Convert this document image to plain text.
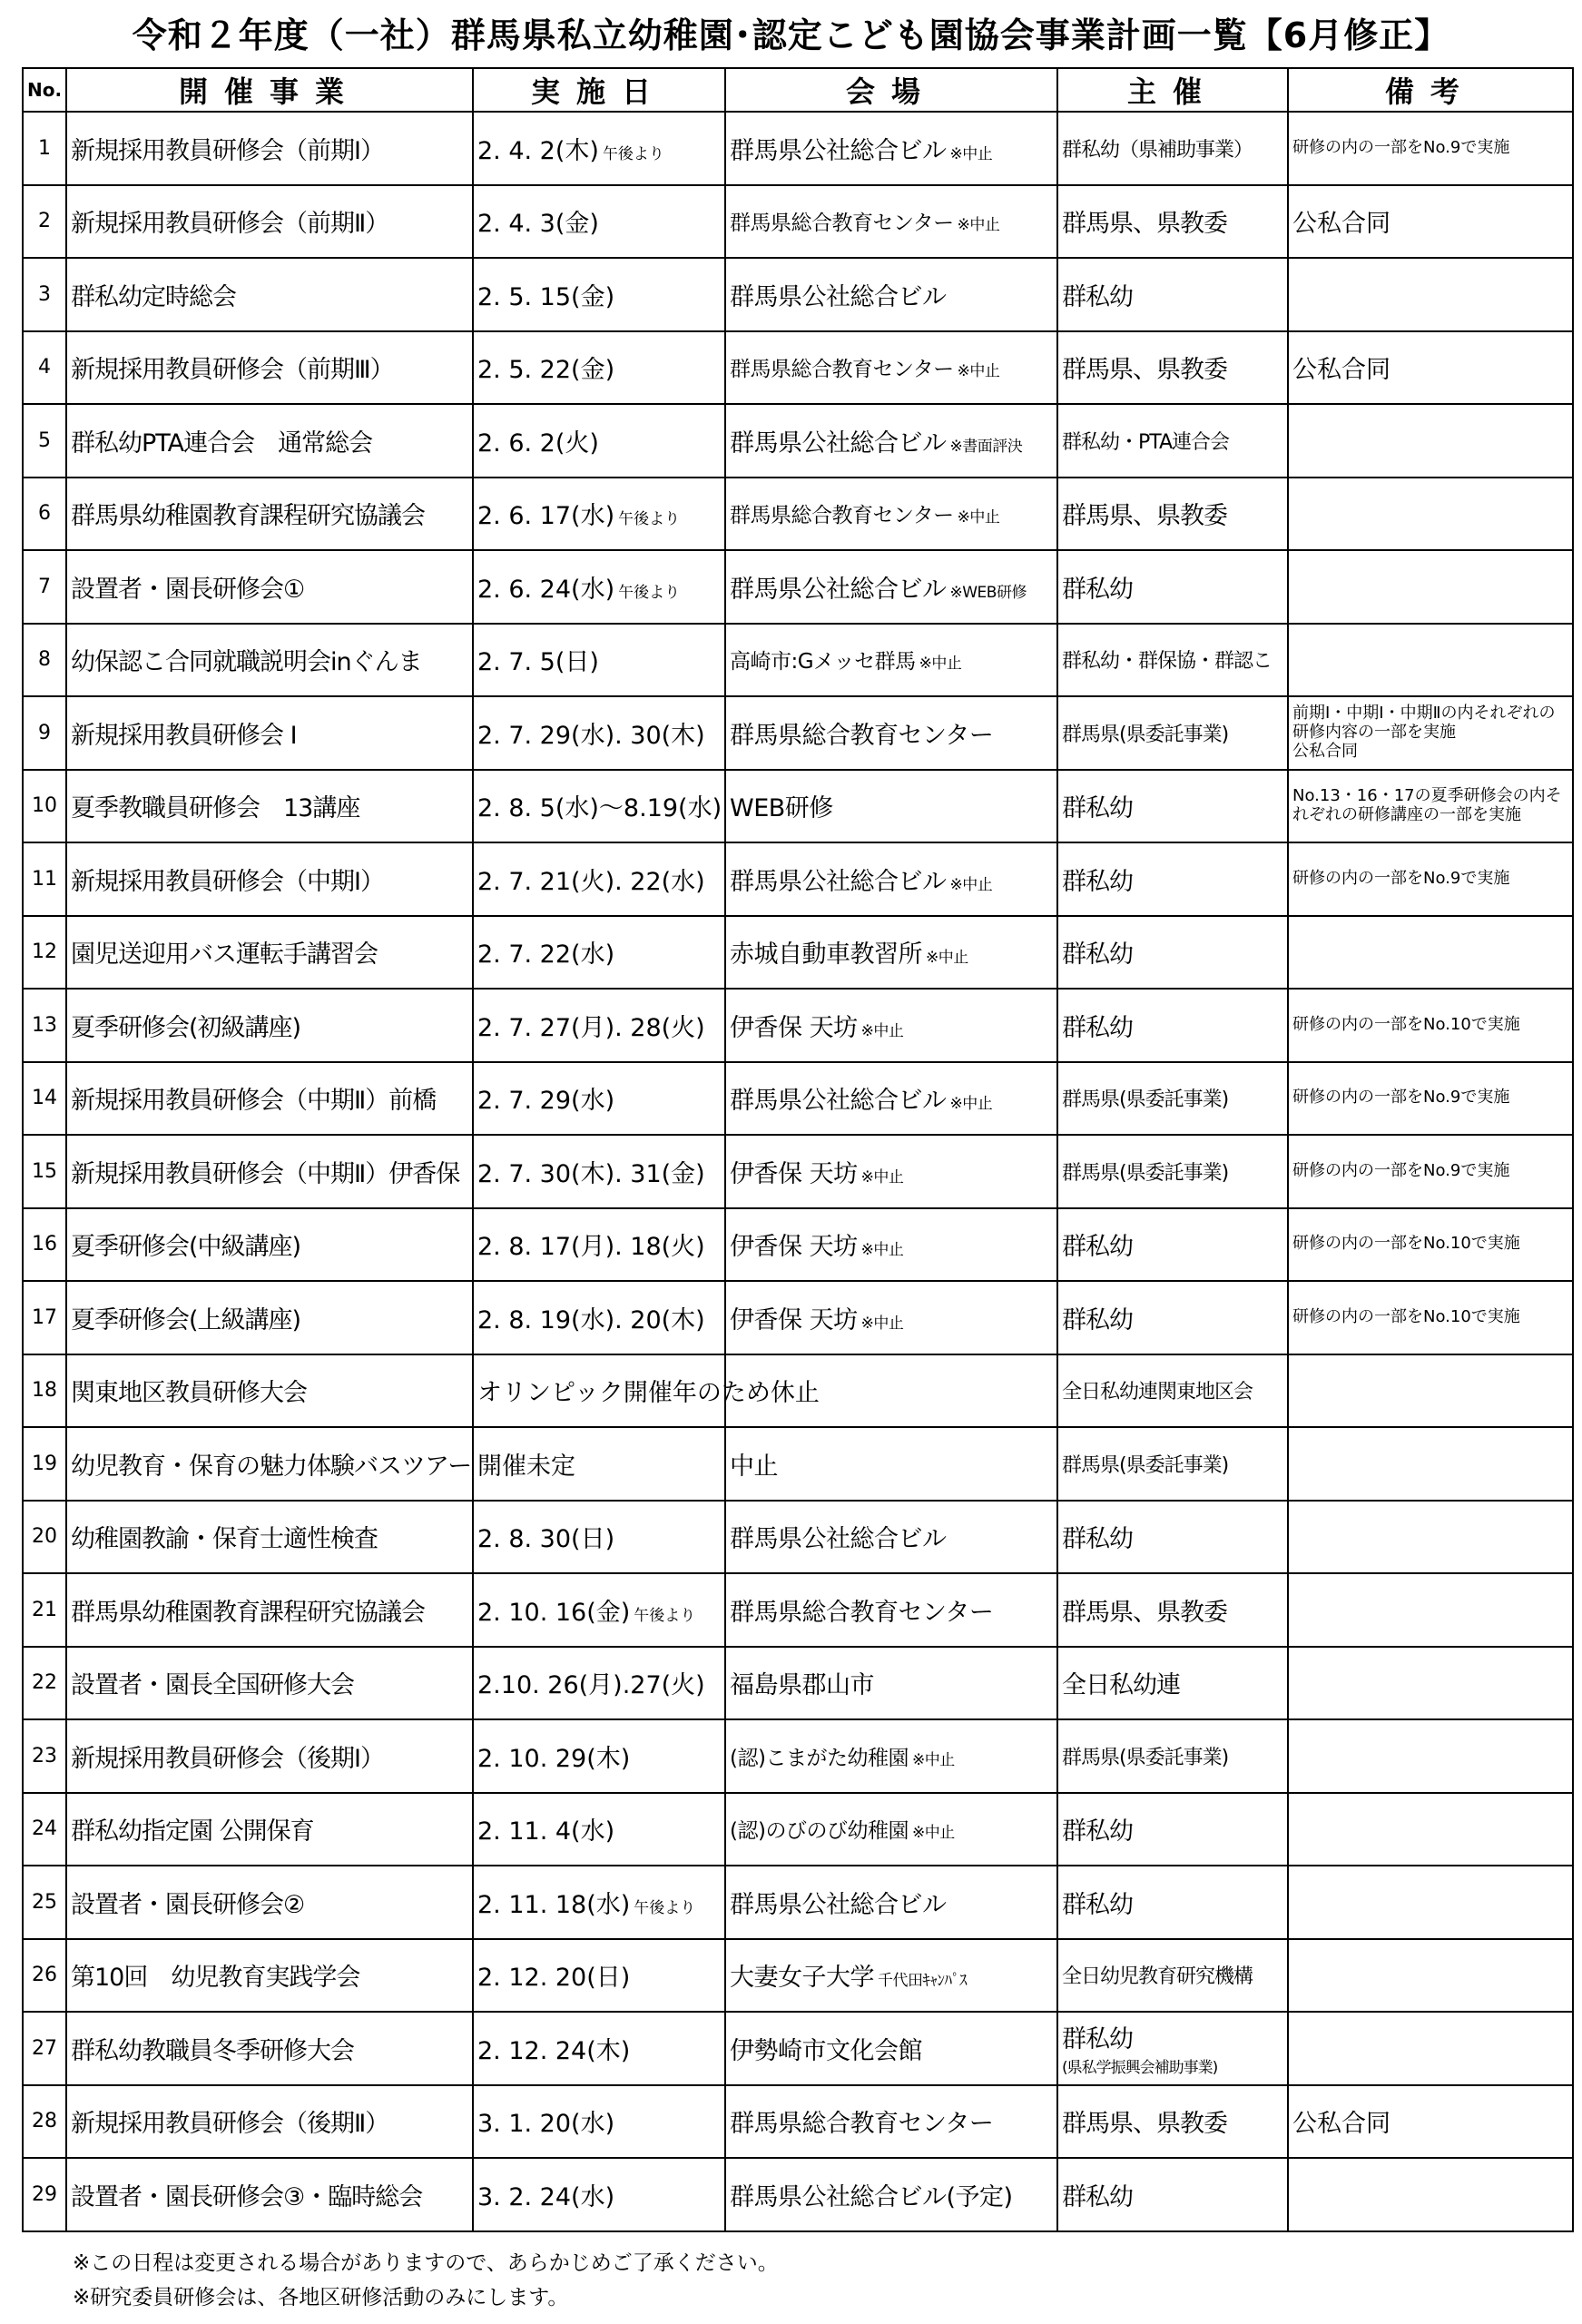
令和２年度（一社）群馬県私立幼稚園･認定こども園協会事業計画一覧【6月修正】
No.	開催事業	実施日	会場	主催	備考
1	新規採用教員研修会（前期Ⅰ）	2. 4. 2(木) 午後より	群馬県公社総合ビル ※中止	群私幼（県補助事業）	研修の内の一部をNo.9で実施
2	新規採用教員研修会（前期Ⅱ）	2. 4. 3(金)	群馬県総合教育センター ※中止	群馬県、県教委	公私合同
3	群私幼定時総会	2. 5. 15(金)	群馬県公社総合ビル	群私幼	
4	新規採用教員研修会（前期Ⅲ）	2. 5. 22(金)	群馬県総合教育センター ※中止	群馬県、県教委	公私合同
5	群私幼PTA連合会　通常総会	2. 6. 2(火)	群馬県公社総合ビル ※書面評決	群私幼・PTA連合会	
6	群馬県幼稚園教育課程研究協議会	2. 6. 17(水) 午後より	群馬県総合教育センター ※中止	群馬県、県教委	
7	設置者・園長研修会①	2. 6. 24(水) 午後より	群馬県公社総合ビル ※WEB研修	群私幼	
8	幼保認こ合同就職説明会inぐんま	2. 7. 5(日)	高崎市:Gメッセ群馬 ※中止	群私幼・群保協・群認こ	
9	新規採用教員研修会 Ⅰ	2. 7. 29(水). 30(木)	群馬県総合教育センター	群馬県(県委託事業)	前期Ⅰ・中期Ⅰ・中期Ⅱの内それぞれの研修内容の一部を実施　　　　　　公私合同
10	夏季教職員研修会　13講座	2. 8. 5(水)～8.19(水)	WEB研修	群私幼	No.13・16・17の夏季研修会の内それぞれの研修講座の一部を実施
11	新規採用教員研修会（中期Ⅰ）	2. 7. 21(火). 22(水)	群馬県公社総合ビル ※中止	群私幼	研修の内の一部をNo.9で実施
12	園児送迎用バス運転手講習会	2. 7. 22(水)	赤城自動車教習所 ※中止	群私幼	
13	夏季研修会(初級講座)	2. 7. 27(月). 28(火)	伊香保 天坊 ※中止	群私幼	研修の内の一部をNo.10で実施
14	新規採用教員研修会（中期Ⅱ）前橋	2. 7. 29(水)	群馬県公社総合ビル ※中止	群馬県(県委託事業)	研修の内の一部をNo.9で実施
15	新規採用教員研修会（中期Ⅱ）伊香保	2. 7. 30(木). 31(金)	伊香保 天坊 ※中止	群馬県(県委託事業)	研修の内の一部をNo.9で実施
16	夏季研修会(中級講座)	2. 8. 17(月). 18(火)	伊香保 天坊 ※中止	群私幼	研修の内の一部をNo.10で実施
17	夏季研修会(上級講座)	2. 8. 19(水). 20(木)	伊香保 天坊 ※中止	群私幼	研修の内の一部をNo.10で実施
18	関東地区教員研修大会	オリンピック開催年のため休止		全日私幼連関東地区会	
19	幼児教育・保育の魅力体験バスツアー	開催未定	中止	群馬県(県委託事業)	
20	幼稚園教諭・保育士適性検査	2. 8. 30(日)	群馬県公社総合ビル	群私幼	
21	群馬県幼稚園教育課程研究協議会	2. 10. 16(金) 午後より	群馬県総合教育センター	群馬県、県教委	
22	設置者・園長全国研修大会	2.10. 26(月).27(火)	福島県郡山市	全日私幼連	
23	新規採用教員研修会（後期Ⅰ）	2. 10. 29(木)	(認)こまがた幼稚園 ※中止	群馬県(県委託事業)	
24	群私幼指定園 公開保育	2. 11. 4(水)	(認)のびのび幼稚園 ※中止	群私幼	
25	設置者・園長研修会②	2. 11. 18(水) 午後より	群馬県公社総合ビル	群私幼	
26	第10回　幼児教育実践学会	2. 12. 20(日)	大妻女子大学 千代田ｷｬﾝﾊﾟｽ	全日幼児教育研究機構	
27	群私幼教職員冬季研修大会	2. 12. 24(木)	伊勢崎市文化会館	群私幼
(県私学振興会補助事業)	

28	新規採用教員研修会（後期Ⅱ）	3. 1. 20(水)	群馬県総合教育センター	群馬県、県教委	公私合同
29	設置者・園長研修会③・臨時総会	3. 2. 24(水)	群馬県公社総合ビル(予定)	群私幼	
※この日程は変更される場合がありますので、あらかじめご了承ください。
※研究委員研修会は、各地区研修活動のみにします。
